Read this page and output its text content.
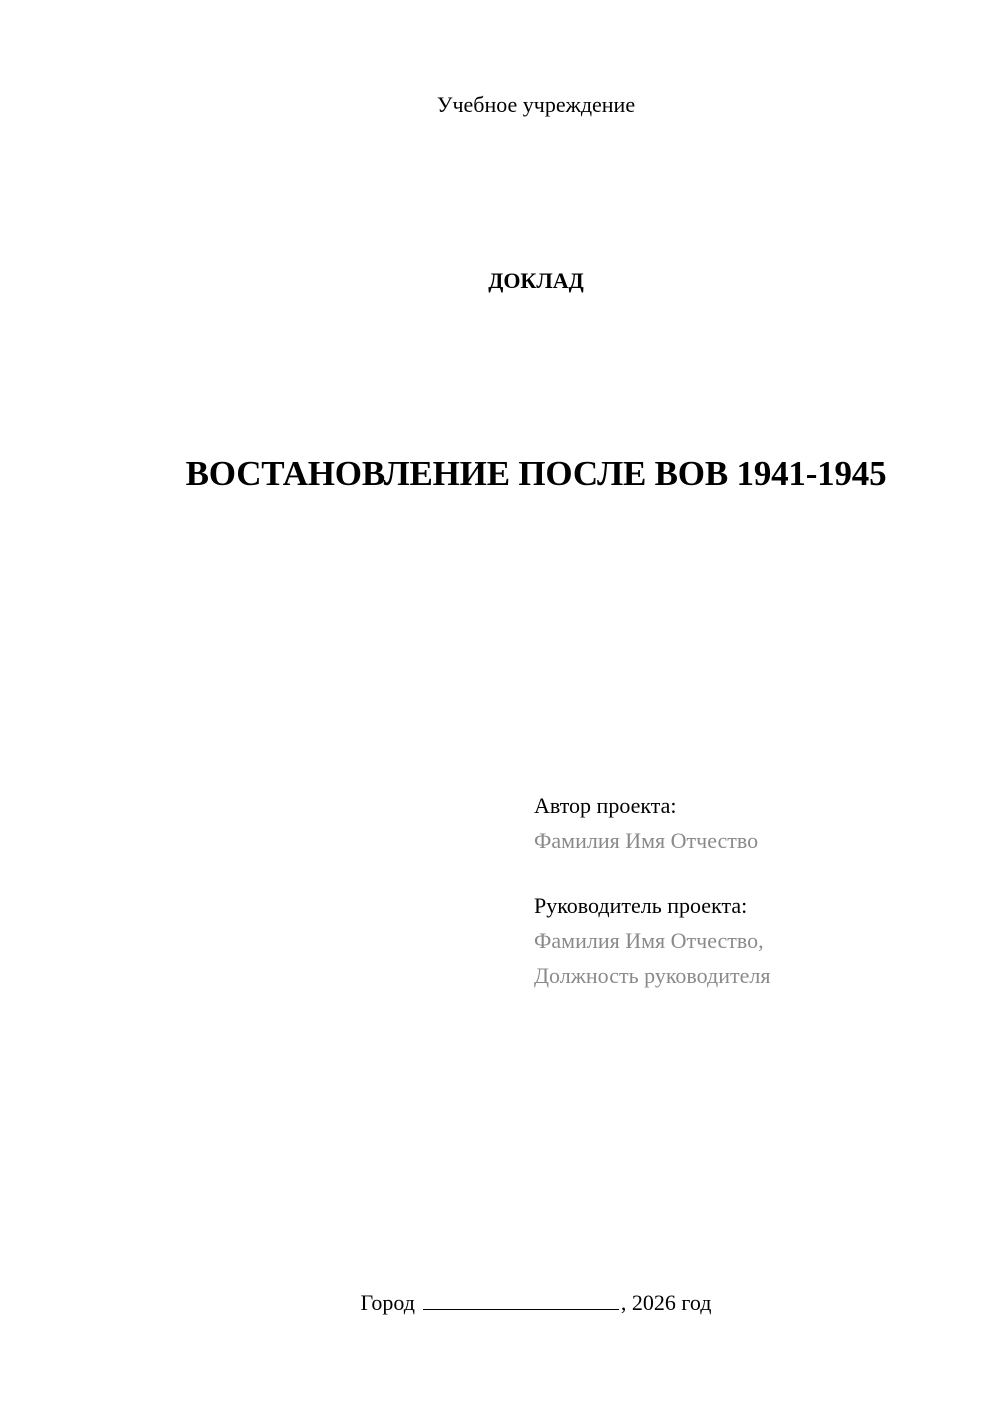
Учебное учреждение
ДОКЛАД
ВОСТАНОВЛЕНИЕ ПОСЛЕ ВОВ 1941-1945
Автор проекта:
Фамилия Имя Отчество
Руководитель проекта:
Фамилия Имя Отчество,
Должность руководителя
Город	, 2026 год
